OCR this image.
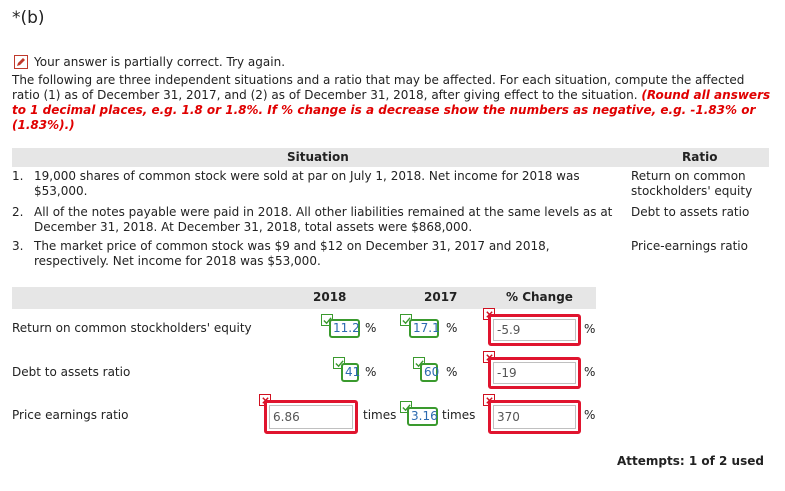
*(b)
Your answer is partially correct. Try again.
The following are three independent situations and a ratio that may be affected. For each situation, compute the affected ratio (1) as of December 31, 2017, and (2) as of December 31, 2018, after giving effect to the situation. (Round all answers to 1 decimal places, e.g. 1.8 or 1.8%. If % change is a decrease show the numbers as negative, e.g. -1.83% or (1.83%).)
Situation	Ratio
1. 19,000 shares of common stock were sold at par on July 1, 2018. Net income for 2018 was $53,000.
Return on common stockholders' equity
2. All of the notes payable were paid in 2018. All other liabilities remained at the same levels as at December 31, 2018. At December 31, 2018, total assets were $868,000.
Debt to assets ratio
3. The market price of common stock was $9 and $12 on December 31, 2017 and 2018, respectively. Net income for 2018 was $53,000.
Price-earnings ratio
2018	2017	% Change
Return on common stockholders' equity	11.2 %	17.1 %	-5.9	%
Debt to assets ratio	41 %	60 %	-19	%
Price earnings ratio	6.86	times	3.16 times	370	%
Attempts: 1 of 2 used
